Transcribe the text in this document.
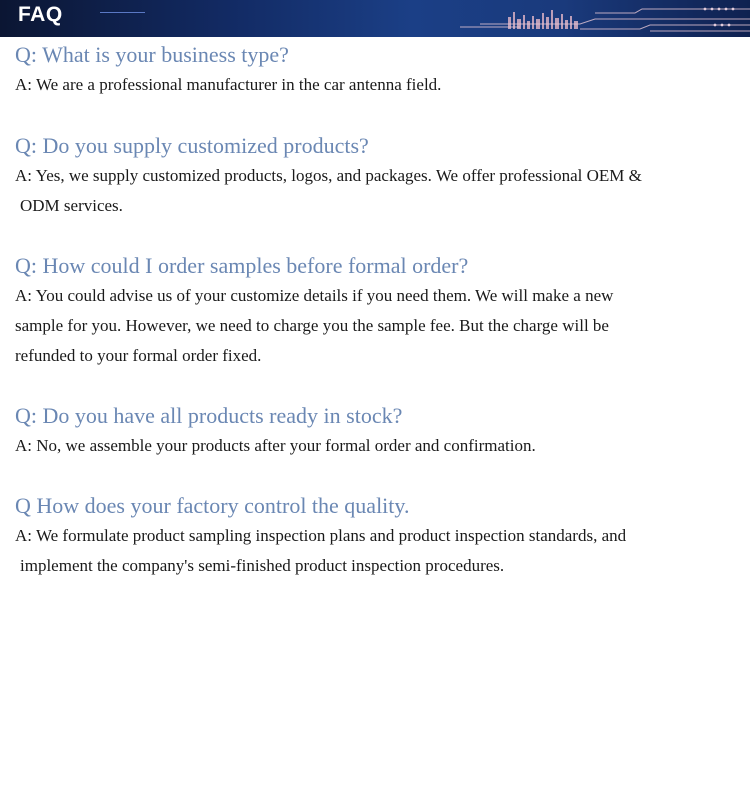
FAQ

Q: What is your business type?

A: We are a professional manufacturer in the car antenna field.

Q: Do you supply customized products?

A: Yes, we supply customized products, logos, and packages. We offer professional OEM &
ODM services.

Q: How could I order samples before formal order?

A: You could advise us of your customize details if you need them. We will make a new
sample for you. However, we need to charge you the sample fee. But the charge will be
refunded to your formal order fixed.

Q: Do you have all products ready in stock?

A: No, we assemble your products after your formal order and confirmation.

Q How does your factory control the quality.

A: We formulate product sampling inspection plans and product inspection standards, and
implement the company's semi-finished product inspection procedures.
